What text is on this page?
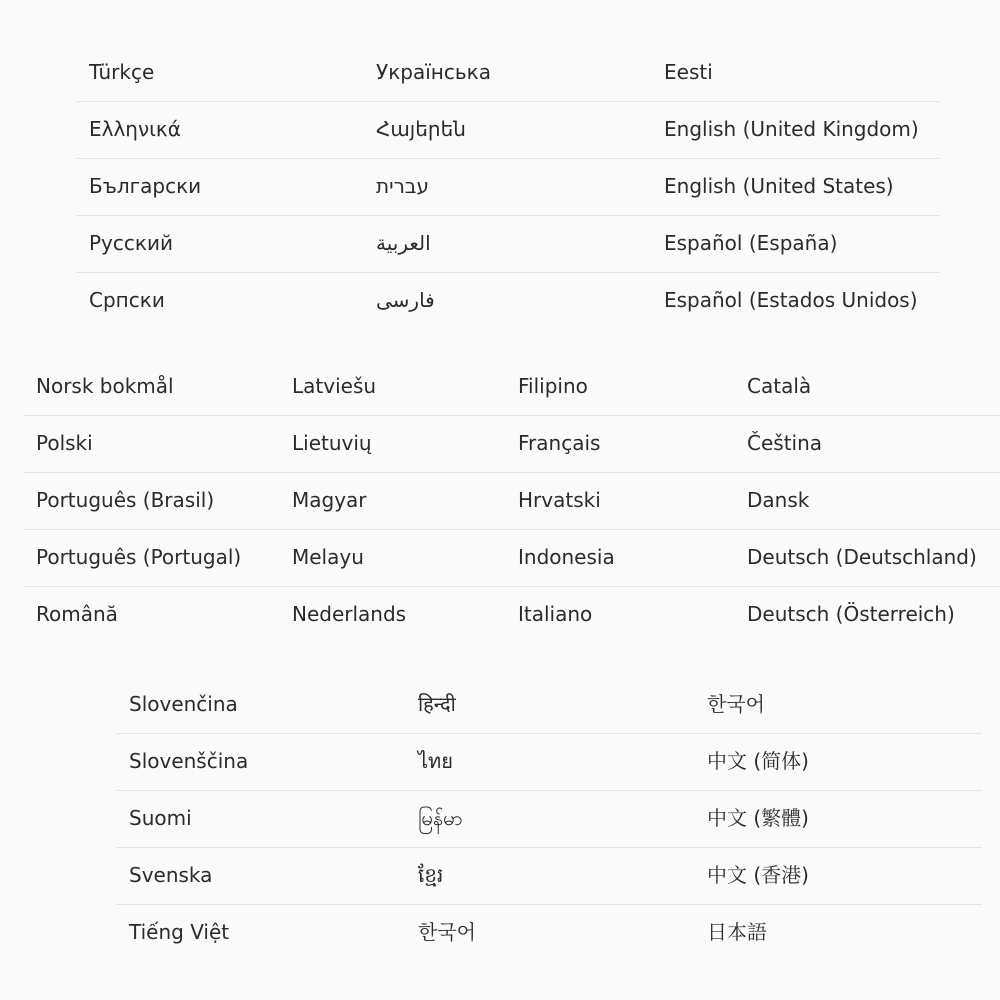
Türkçe
Ελληνικά
Български
Русский
Српски
Українська
Հայերեն
עברית
العربية
فارسی
Eesti
English (United Kingdom)
English (United States)
Español (España)
Español (Estados Unidos)
Norsk bokmål
Polski
Português (Brasil)
Português (Portugal)
Română
Latviešu
Lietuvių
Magyar
Melayu
Nederlands
Filipino
Français
Hrvatski
Indonesia
Italiano
Català
Čeština
Dansk
Deutsch (Deutschland)
Deutsch (Österreich)
Slovenčina
Slovenščina
Suomi
Svenska
Tiếng Việt
हिन्दी
ไทย
မြန်မာ
ខ្មែរ
한국어
한국어
中文 (简体)
中文 (繁體)
中文 (香港)
日本語
